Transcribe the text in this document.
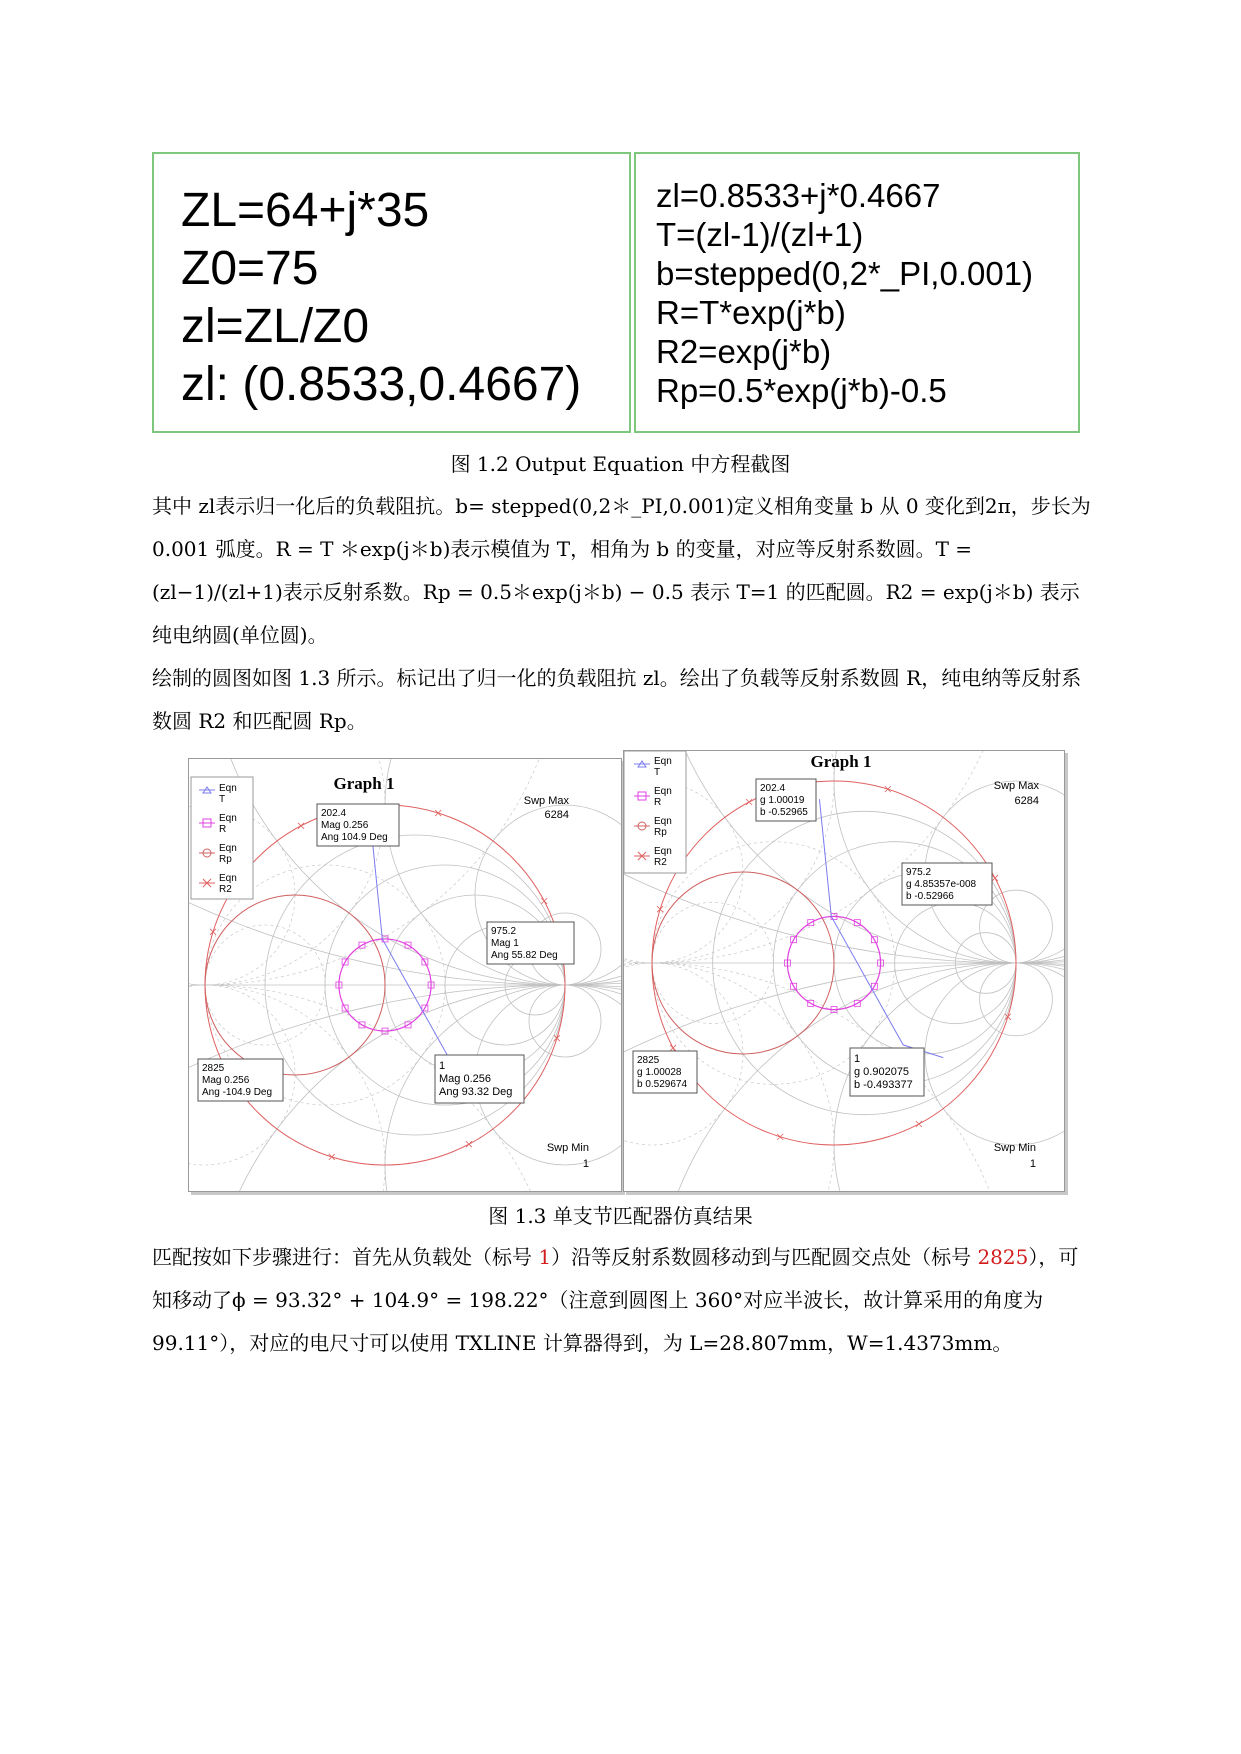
ZL=64+j*35
Z0=75
zl=ZL/Z0
zl: (0.8533,0.4667)
zl=0.8533+j*0.4667
T=(zl-1)/(zl+1)
b=stepped(0,2*_PI,0.001)
R=T*exp(j*b)
R2=exp(j*b)
Rp=0.5*exp(j*b)-0.5
图 1.2 Output Equation 中方程截图
其中 zl表示归一化后的负载阻抗。b= stepped(0,2＊_PI,0.001)定义相角变量 b 从 0 变化到2π，步长为 0.001 弧度。R = T ＊exp(j＊b)表示模值为 T，相角为 b 的变量，对应等反射系数圆。T = (zl−1)/(zl+1)表示反射系数。Rp = 0.5＊exp(j＊b) − 0.5 表示 T=1 的匹配圆。R2 = exp(j＊b) 表示纯电纳圆(单位圆)。
绘制的圆图如图 1.3 所示。标记出了归一化的负载阻抗 zl。绘出了负载等反射系数圆 R，纯电纳等反射系数圆 R2 和匹配圆 Rp。
Graph 1
Swp Max
6284
Swp Min
1
Eqn
T
Eqn
R
Eqn
Rp
Eqn
R2
202.4
Mag 0.256
Ang 104.9 Deg
975.2
Mag 1
Ang 55.82 Deg
2825
Mag 0.256
Ang -104.9 Deg
1
Mag 0.256
Ang 93.32 Deg
Graph 1
Swp Max
6284
Swp Min
1
Eqn
T
Eqn
R
Eqn
Rp
Eqn
R2
202.4
g 1.00019
b -0.52965
975.2
g 4.85357e-008
b -0.52966
2825
g 1.00028
b 0.529674
1
g 0.902075
b -0.493377
图 1.3 单支节匹配器仿真结果
匹配按如下步骤进行：首先从负载处（标号 1）沿等反射系数圆移动到与匹配圆交点处（标号 2825），可知移动了ϕ = 93.32° + 104.9° = 198.22°（注意到圆图上 360°对应半波长，故计算采用的角度为 99.11°），对应的电尺寸可以使用 TXLINE 计算器得到，为 L=28.807mm，W=1.4373mm。
